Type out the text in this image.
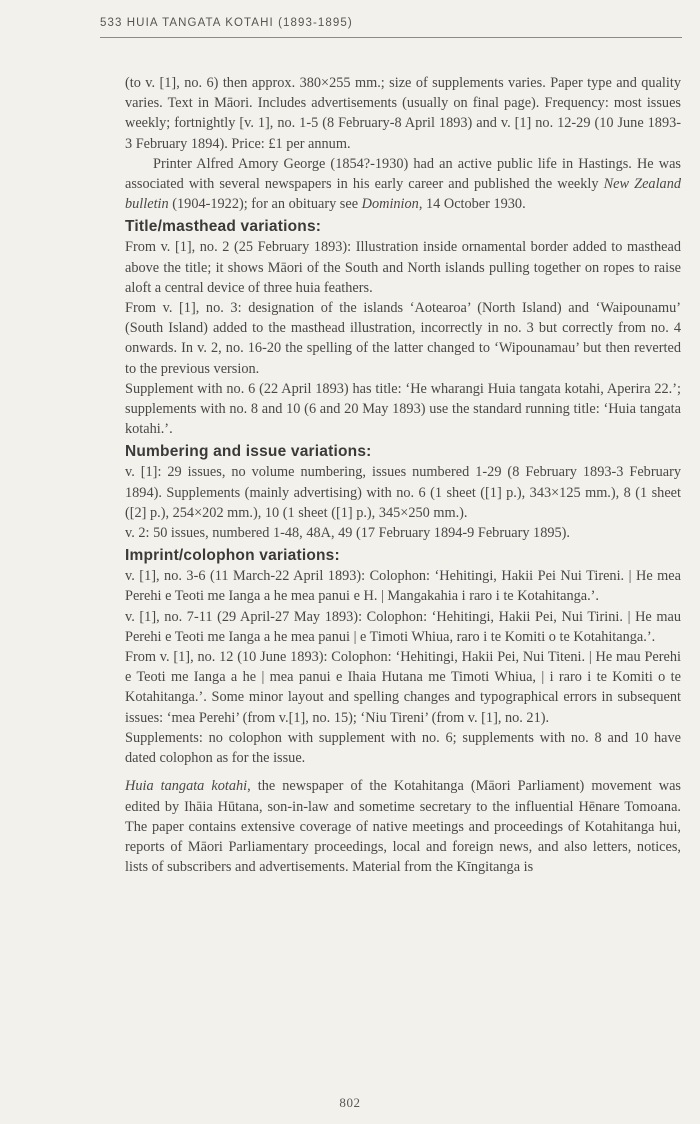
533 HUIA TANGATA KOTAHI (1893-1895)

(to v. [1], no. 6) then approx. 380×255 mm.; size of supplements varies. Paper type and quality varies. Text in Māori. Includes advertisements (usually on final page). Frequency: most issues weekly; fortnightly [v. 1], no. 1-5 (8 February-8 April 1893) and v. [1] no. 12-29 (10 June 1893-3 February 1894). Price: £1 per annum.

Printer Alfred Amory George (1854?-1930) had an active public life in Hastings. He was associated with several newspapers in his early career and published the weekly New Zealand bulletin (1904-1922); for an obituary see Dominion, 14 October 1930.

Title/masthead variations:

From v. [1], no. 2 (25 February 1893): Illustration inside ornamental border added to masthead above the title; it shows Māori of the South and North islands pulling together on ropes to raise aloft a central device of three huia feathers.

From v. [1], no. 3: designation of the islands ‘Aotearoa’ (North Island) and ‘Waipounamu’ (South Island) added to the masthead illustration, incorrectly in no. 3 but correctly from no. 4 onwards. In v. 2, no. 16-20 the spelling of the latter changed to ‘Wipounamau’ but then reverted to the previous version.

Supplement with no. 6 (22 April 1893) has title: ‘He wharangi Huia tangata kotahi, Aperira 22.’; supplements with no. 8 and 10 (6 and 20 May 1893) use the standard running title: ‘Huia tangata kotahi.’.

Numbering and issue variations:

v. [1]: 29 issues, no volume numbering, issues numbered 1-29 (8 February 1893-3 February 1894). Supplements (mainly advertising) with no. 6 (1 sheet ([1] p.), 343×125 mm.), 8 (1 sheet ([2] p.), 254×202 mm.), 10 (1 sheet ([1] p.), 345×250 mm.).

v. 2: 50 issues, numbered 1-48, 48A, 49 (17 February 1894-9 February 1895).

Imprint/colophon variations:

v. [1], no. 3-6 (11 March-22 April 1893): Colophon: ‘Hehitingi, Hakii Pei Nui Tireni. | He mea Perehi e Teoti me Ianga a he mea panui e H. | Mangakahia i raro i te Kotahitanga.’.

v. [1], no. 7-11 (29 April-27 May 1893): Colophon: ‘Hehitingi, Hakii Pei, Nui Tirini. | He mau Perehi e Teoti me Ianga a he mea panui | e Timoti Whiua, raro i te Komiti o te Kotahitanga.’.

From v. [1], no. 12 (10 June 1893): Colophon: ‘Hehitingi, Hakii Pei, Nui Titeni. | He mau Perehi e Teoti me Ianga a he | mea panui e Ihaia Hutana me Timoti Whiua, | i raro i te Komiti o te Kotahitanga.’. Some minor layout and spelling changes and typographical errors in subsequent issues: ‘mea Perehi’ (from v.[1], no. 15); ‘Niu Tireni’ (from v. [1], no. 21).

Supplements: no colophon with supplement with no. 6; supplements with no. 8 and 10 have dated colophon as for the issue.

Huia tangata kotahi, the newspaper of the Kotahitanga (Māori Parliament) movement was edited by Ihāia Hūtana, son-in-law and sometime secretary to the influential Hēnare Tomoana. The paper contains extensive coverage of native meetings and proceedings of Kotahitanga hui, reports of Māori Parliamentary proceedings, local and foreign news, and also letters, notices, lists of subscribers and advertisements. Material from the Kīngitanga is

802
